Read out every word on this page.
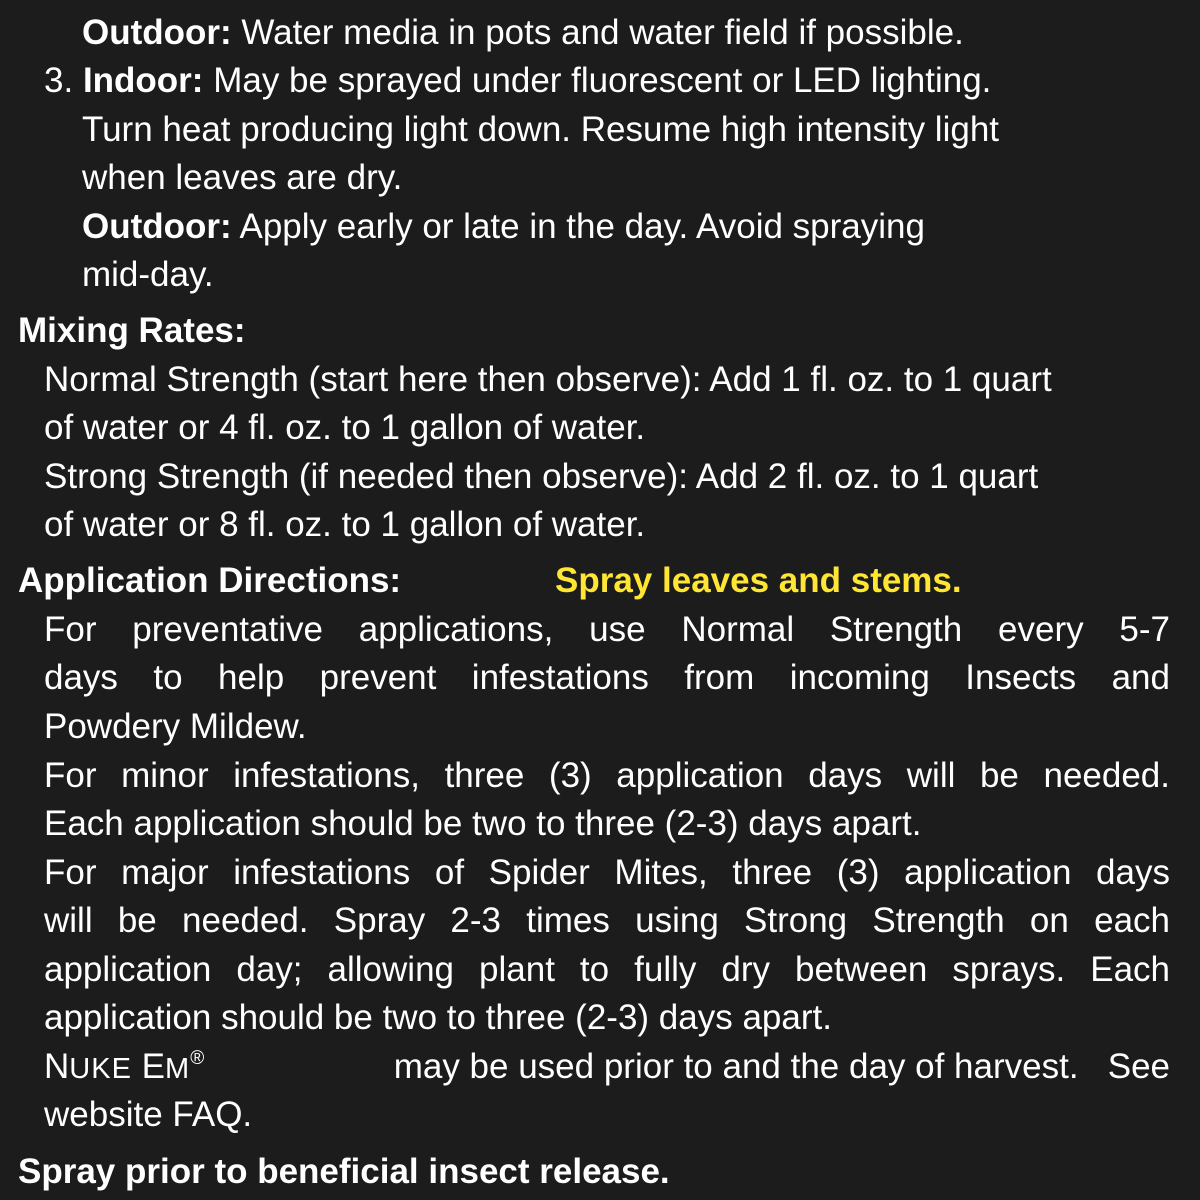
Outdoor: Water media in pots and water field if possible.
3. Indoor: May be sprayed under fluorescent or LED lighting.
Turn heat producing light down. Resume high intensity light
when leaves are dry.
Outdoor: Apply early or late in the day. Avoid spraying
mid-day.
Mixing Rates:
Normal Strength (start here then observe): Add 1 fl. oz. to 1 quart
of water or 4 fl. oz. to 1 gallon of water.
Strong Strength (if needed then observe): Add 2 fl. oz. to 1 quart
of water or 8 fl. oz. to 1 gallon of water.
Application Directions:	Spray leaves and stems.
For preventative applications, use Normal Strength every 5-7
days to help prevent infestations from incoming Insects and
Powdery Mildew.
For minor infestations, three (3) application days will be needed.
Each application should be two to three (2-3) days apart.
For major infestations of Spider Mites, three (3) application days
will be needed. Spray 2-3 times using Strong Strength on each
application day; allowing plant to fully dry between sprays. Each
application should be two to three (2-3) days apart.
NUKE EM®	may be used prior to and the day of harvest.   See
website FAQ.
Spray prior to beneficial insect release.
